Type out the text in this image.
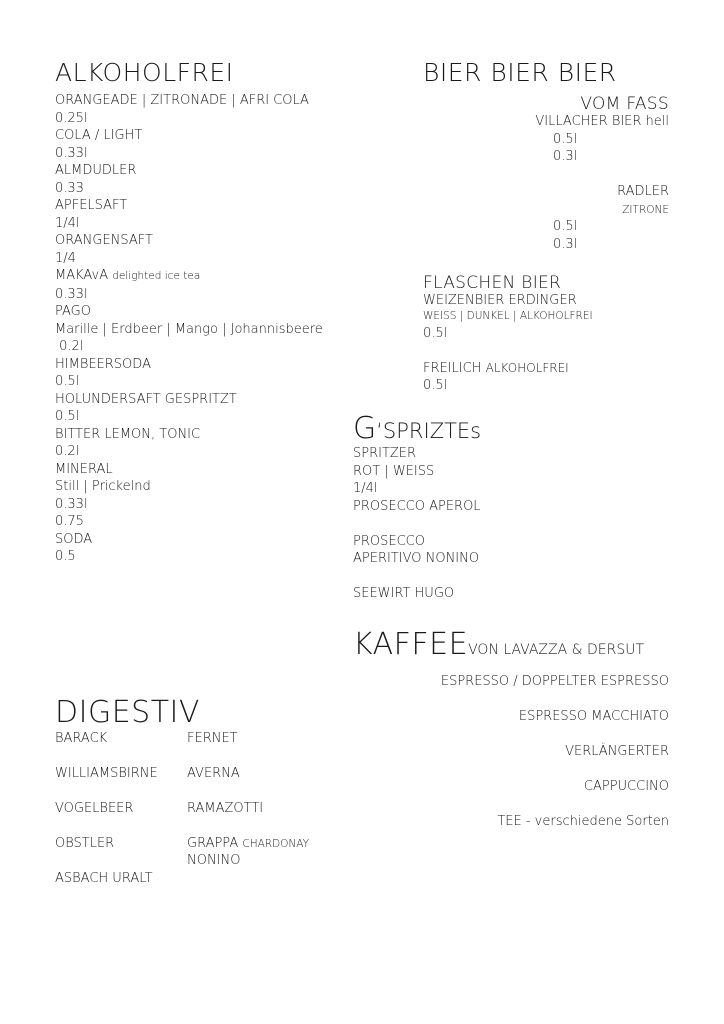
ALKOHOLFREI
ORANGEADE | ZITRONADE | AFRI COLA
0.25l
COLA / LIGHT
0.33l
ALMDUDLER
0.33
APFELSAFT
1/4l
ORANGENSAFT
1/4
MAKAvA delighted ice tea
0.33l
PAGO
Marille | Erdbeer | Mango | Johannisbeere
0.2l
HIMBEERSODA
0.5l
HOLUNDERSAFT GESPRITZT
0.5l
BITTER LEMON, TONIC
0.2l
MINERAL
Still | Prickelnd
0.33l
0.75
SODA
0.5
BIER BIER BIER
VOM FASS
VILLACHER BIER hell
0.5l
0.3l
RADLER
ZITRONE
0.5l
0.3l
FLASCHEN BIER
WEIZENBIER ERDINGER
WEISS | DUNKEL | ALKOHOLFREI
0.5l
FREILICH ALKOHOLFREI
0.5l
G‘SPRIZTEs
SPRITZER
ROT | WEISS
1/4l
PROSECCO APEROL
PROSECCO
APERITIVO NONINO
SEEWIRT HUGO
KAFFEEVON LAVAZZA & DERSUT
ESPRESSO / DOPPELTER ESPRESSO
ESPRESSO MACCHIATO
VERLÄNGERTER
CAPPUCCINO
TEE - verschiedene Sorten
DIGESTIV
BARACK
WILLIAMSBIRNE
VOGELBEER
OBSTLER
ASBACH URALT
FERNET
AVERNA
RAMAZOTTI
GRAPPA CHARDONAY
NONINO
